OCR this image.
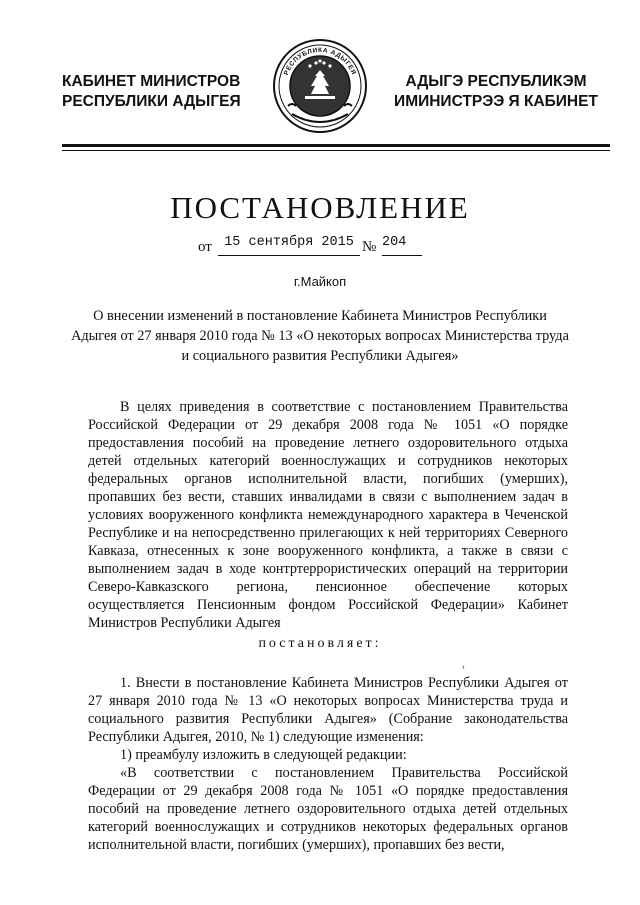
КАБИНЕТ МИНИСТРОВ
РЕСПУБЛИКИ АДЫГЕЯ
РЕСПУБЛИКА АДЫГЕЯ
АДЫГЭ РЕСПУБЛИКЭМ
ИМИНИСТРЭЭ Я КАБИНЕТ
ПОСТАНОВЛЕНИЕ
от 15 сентября 2015 № 204
г.Майкоп
О внесении изменений в постановление Кабинета Министров Республики Адыгея от 27 января 2010 года № 13 «О некоторых вопросах Министерства труда и социального развития Республики Адыгея»

В целях приведения в соответствие с постановлением Правительства Российской Федерации от 29 декабря 2008 года № 1051 «О порядке предоставления пособий на проведение летнего оздоровительного отдыха детей отдельных категорий военнослужащих и сотрудников некоторых федеральных органов исполнительной власти, погибших (умерших), пропавших без вести, ставших инвалидами в связи с выполнением задач в условиях вооруженного конфликта немеждународного характера в Чеченской Республике и на непосредственно прилегающих к ней территориях Северного Кавказа, отнесенных к зоне вооруженного конфликта, а также в связи с выполнением задач в ходе контртеррористических операций на территории Северо-Кавказского региона, пенсионное обеспечение которых осуществляется Пенсионным фондом Российской Федерации» Кабинет Министров Республики Адыгея

постановляет:

1. Внести в постановление Кабинета Министров Республики Адыгея от 27 января 2010 года № 13 «О некоторых вопросах Министерства труда и социального развития Республики Адыгея» (Собрание законодательства Республики Адыгея, 2010, № 1) следующие изменения:

1) преамбулу изложить в следующей редакции:

«В соответствии с постановлением Правительства Российской Федерации от 29 декабря 2008 года № 1051 «О порядке предоставления пособий на проведение летнего оздоровительного отдыха детей отдельных категорий военнослужащих и сотрудников некоторых федеральных органов исполнительной власти, погибших (умерших), пропавших без вести,

,
